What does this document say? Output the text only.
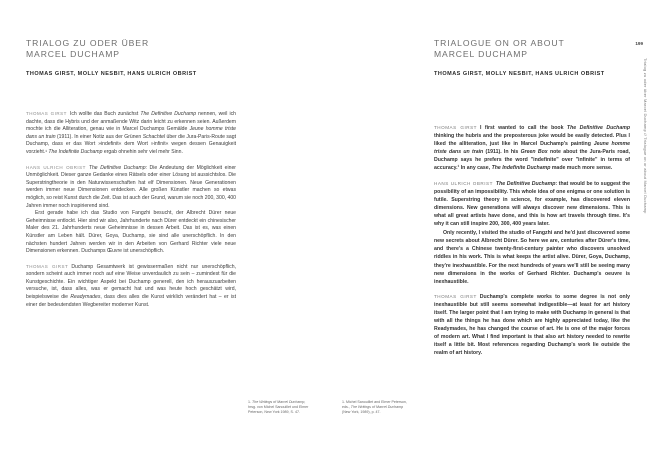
TRIALOG ZU ODER ÜBER
MARCEL DUCHAMP
THOMAS GIRST, MOLLY NESBIT, HANS ULRICH OBRIST

THOMAS GIRST Ich wollte das Buch zunächst The Definitive Duchamp nennen, weil ich dachte, dass die Hybris und der anmaßende Witz darin leicht zu erkennen seien. Außerdem mochte ich die Alliteration, genau wie in Marcel Duchamps Gemälde Jeune homme triste dans un train (1911). In einer Notiz aus der Grünen Schachtel über die Jura-Paris-Route sagt Duchamp, dass er das Wort »indefinit« dem Wort »infinit« wegen dessen Genauigkeit vorzieht.¹ The Indefinite Duchamp ergab ohnehin sehr viel mehr Sinn.

HANS ULRICH OBRIST The Definitive Duchamp: Die Andeutung der Möglichkeit einer Unmöglichkeit. Dieser ganze Gedanke eines Rätsels oder einer Lösung ist aussichtslos. Die Superstringtheorie in den Naturwissenschaften hat elf Dimensionen. Neue Generationen werden immer neue Dimensionen entdecken. Alle großen Künstler machen so etwas möglich, so reist Kunst durch die Zeit. Das ist auch der Grund, warum sie noch 200, 300, 400 Jahren immer noch inspirierend sind.

Erst gerade habe ich das Studio von Fangzhi besucht, der Albrecht Dürer neue Geheimnisse entlockt. Hier sind wir also, Jahrhunderte nach Dürer entdeckt ein chinesischer Maler des 21. Jahrhunderts neue Geheimnisse in dessen Arbeit. Das ist es, was einen Künstler am Leben hält. Dürer, Goya, Duchamp, sie sind alle unerschöpflich. In den nächsten hundert Jahren werden wir in den Arbeiten von Gerhard Richter viele neue Dimensionen erkennen. Duchamps Œuvre ist unerschöpflich.

THOMAS GIRST Duchamp Gesamtwerk ist gewissermaßen nicht nur unerschöpflich, sondern scheint auch immer noch auf eine Weise unverdaulich zu sein – zumindest für die Kunstgeschichte. Ein wichtiger Aspekt bei Duchamp generell, den ich herauszuarbeiten versuche, ist, dass alles, was er gemacht hat und was heute hoch geschätzt wird, beispielsweise die Readymades, dass dies alles die Kunst wirklich verändert hat – er ist einer der bedeutendsten Wegbereiter moderner Kunst.

1. The Writings of Marcel Duchamp, hrsg. von Michel Sanouillet und Elmer Peterson, New York 1989, S. 47.
199
Trialog zu oder über Marcel Duchamp // Trialogue on or about Marcel Duchamp
TRIALOGUE ON OR ABOUT
MARCEL DUCHAMP
THOMAS GIRST, MOLLY NESBIT, HANS ULRICH OBRIST
1. Michel Sanouillet and Elmer Peterson, eds., The Writings of Marcel Duchamp (New York, 1989), p. 47.

THOMAS GIRST I first wanted to call the book The Definitive Duchamp thinking the hubris and the preposterous joke would be easily detected. Plus I liked the alliteration, just like in Marcel Duchamp's painting Jeune homme triste dans un train (1911). In his Green Box note about the Jura-Paris road, Duchamp says he prefers the word "indefinite" over "infinite" in terms of accuracy.¹ In any case, The Indefinite Duchamp made much more sense.

HANS ULRICH OBRIST The Definitive Duchamp: that would be to suggest the possibility of an impossibility. This whole idea of one enigma or one solution is futile. Superstring theory in science, for example, has discovered eleven dimensions. New generations will always discover new dimensions. This is what all great artists have done, and this is how art travels through time. It's why it can still inspire 200, 300, 400 years later.

Only recently, I visited the studio of Fangzhi and he'd just discovered some new secrets about Albrecht Dürer. So here we are, centuries after Dürer's time, and there's a Chinese twenty-first-century painter who discovers unsolved riddles in his work. This is what keeps the artist alive. Dürer, Goya, Duchamp, they're inexhaustible. For the next hundreds of years we'll still be seeing many new dimensions in the works of Gerhard Richter. Duchamp's oeuvre is inexhaustible.

THOMAS GIRST Duchamp's complete works to some degree is not only inexhaustible but still seems somewhat indigestible—at least for art history itself. The larger point that I am trying to make with Duchamp in general is that with all the things he has done which are highly appreciated today, like the Readymades, he has changed the course of art. He is one of the major forces of modern art. What I find important is that also art history needed to rewrite itself a little bit. Most references regarding Duchamp's work lie outside the realm of art history.
